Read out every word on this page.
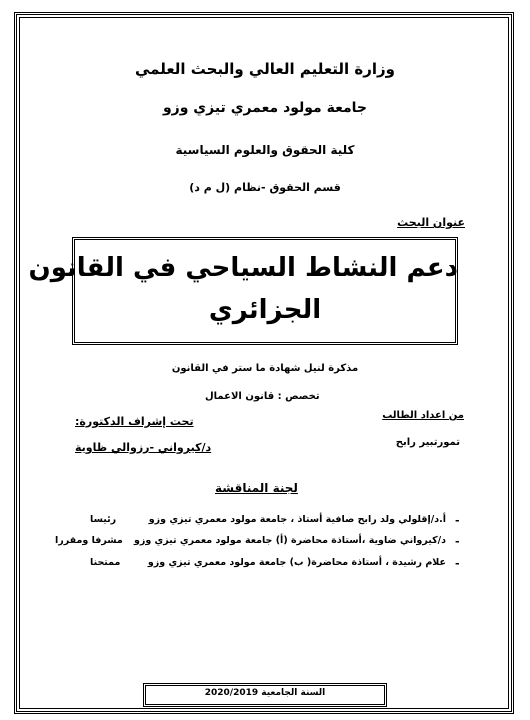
وزارة التعليم العالي والبحث العلمي
جامعة مولود معمري تيزي وزو
كلية الحقوق والعلوم السياسية
قسم الحقوق -نظام (ل م د)
عنوان البحث
دعم النشاط السياحي في القانون
الجزائري
مذكرة لنيل شهادة ما ستر في القانون
تخصص : قانون الاعمال
من اعداد الطالب
تمورتبير رابح
تحت إشراف الدكتورة:
د/كيرواني -رزوالي ظاوية
لجنة المناقشة
-
أ.د/إقلولي ولد رابح صافية أستاذ ، جامعة مولود معمري تيزي وزو
رئيسا
-
د/كيرواني ضاوية ،أستاذة محاضرة (أ) جامعة مولود معمري تيزي وزو
مشرفا ومقررا
-
علام رشيدة ، أستاذة محاضرة( ب) جامعة مولود معمري تيزي وزو
ممتحنا
السنة الجامعية 2020/2019
